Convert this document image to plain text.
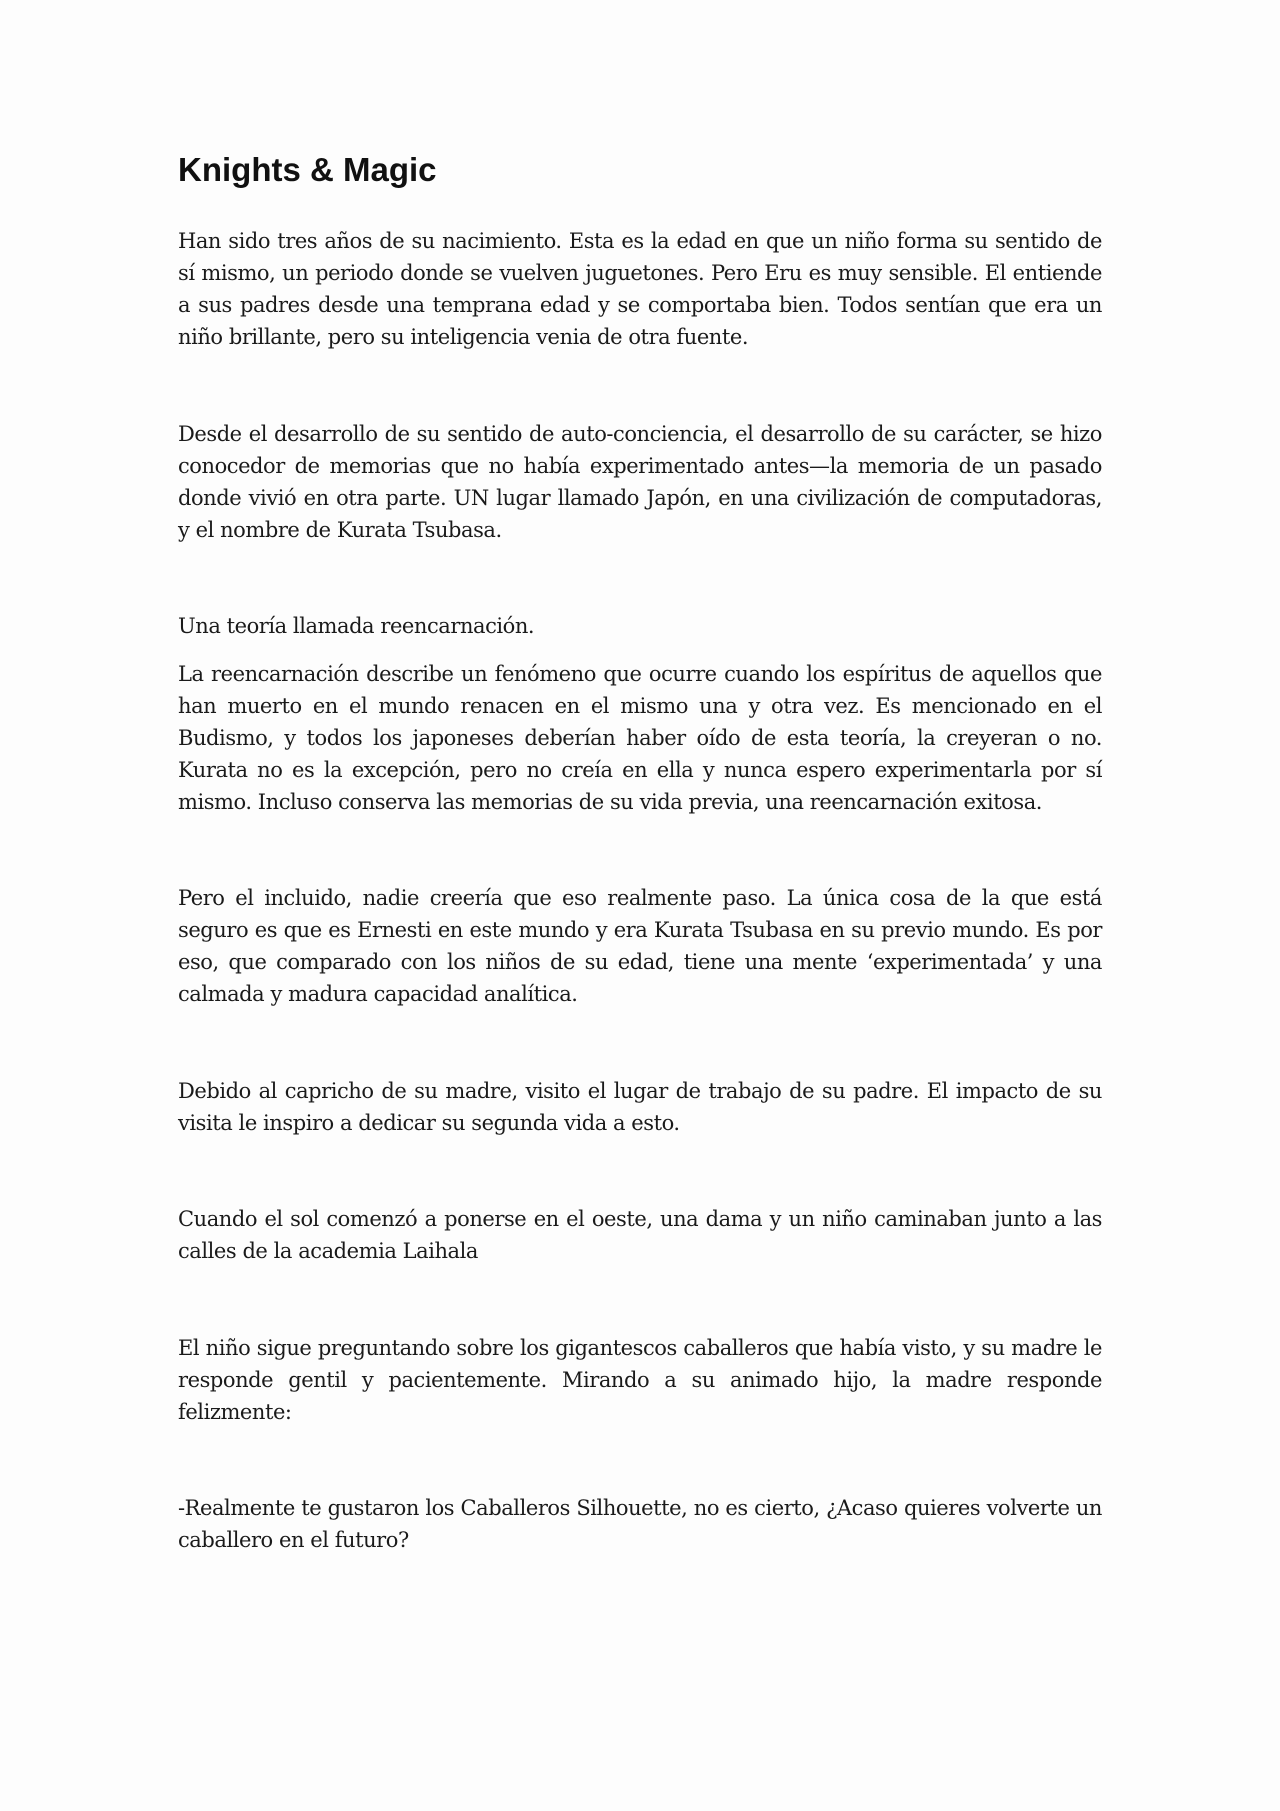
Knights & Magic

Han sido tres años de su nacimiento. Esta es la edad en que un niño forma su sentido de sí mismo, un periodo donde se vuelven juguetones. Pero Eru es muy sensible. El entiende a sus padres desde una temprana edad y se comportaba bien. Todos sentían que era un niño brillante, pero su inteligencia venia de otra fuente.

Desde el desarrollo de su sentido de auto-conciencia, el desarrollo de su carácter, se hizo conocedor de memorias que no había experimentado antes—la memoria de un pasado donde vivió en otra parte. UN lugar llamado Japón, en una civilización de computadoras, y el nombre de Kurata Tsubasa.

Una teoría llamada reencarnación.

La reencarnación describe un fenómeno que ocurre cuando los espíritus de aquellos que han muerto en el mundo renacen en el mismo una y otra vez. Es mencionado en el Budismo, y todos los japoneses deberían haber oído de esta teoría, la creyeran o no. Kurata no es la excepción, pero no creía en ella y nunca espero experimentarla por sí mismo. Incluso conserva las memorias de su vida previa, una reencarnación exitosa.

Pero el incluido, nadie creería que eso realmente paso. La única cosa de la que está seguro es que es Ernesti en este mundo y era Kurata Tsubasa en su previo mundo. Es por eso, que comparado con los niños de su edad, tiene una mente ‘experimentada’ y una calmada y madura capacidad analítica.

Debido al capricho de su madre, visito el lugar de trabajo de su padre. El impacto de su visita le inspiro a dedicar su segunda vida a esto.

Cuando el sol comenzó a ponerse en el oeste, una dama y un niño caminaban junto a las calles de la academia Laihala

El niño sigue preguntando sobre los gigantescos caballeros que había visto, y su madre le responde gentil y pacientemente. Mirando a su animado hijo, la madre responde felizmente:

-Realmente te gustaron los Caballeros Silhouette, no es cierto, ¿Acaso quieres volverte un caballero en el futuro?
